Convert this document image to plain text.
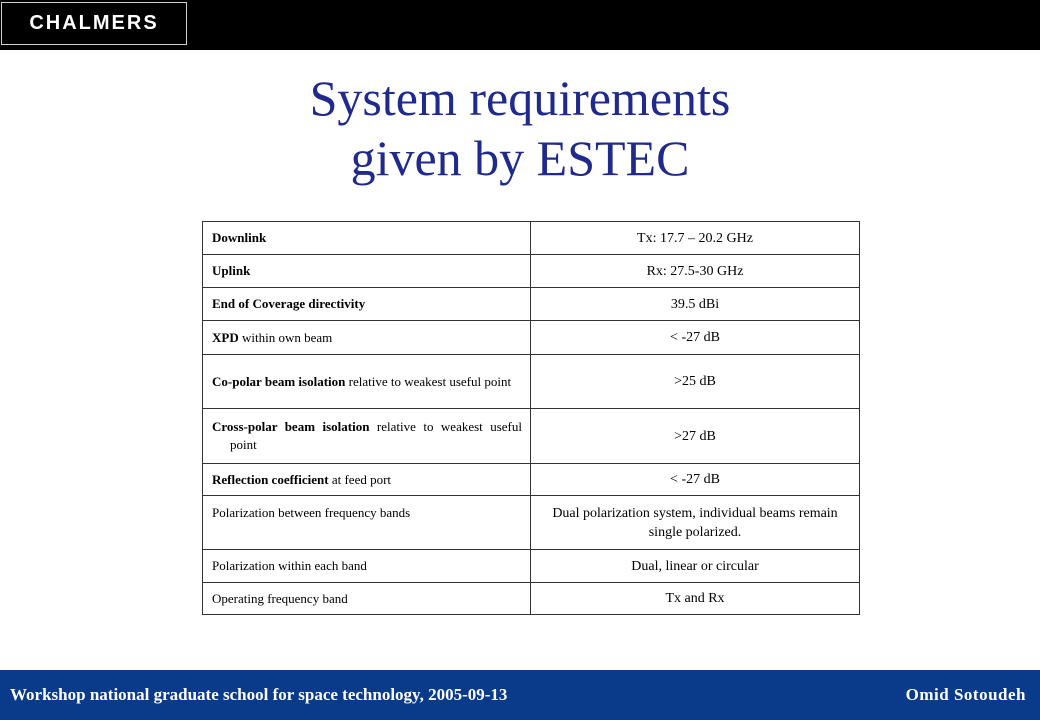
CHALMERS
System requirements
given by ESTEC
Downlink	Tx: 17.7 – 20.2 GHz
Uplink	Rx: 27.5-30 GHz
End of Coverage directivity	39.5 dBi
XPD within own beam	< -27 dB

Co-polar beam isolation relative to weakest useful point	>25 dB

Cross-polar beam isolation relative to weakest useful point	>27 dB
Reflection coefficient at feed port	< -27 dB
Polarization between frequency bands	Dual polarization system, individual beams remain single polarized.
Polarization within each band	Dual, linear or circular
Operating frequency band	Tx and Rx
Workshop national graduate school for space technology, 2005-09-13	Omid Sotoudeh
